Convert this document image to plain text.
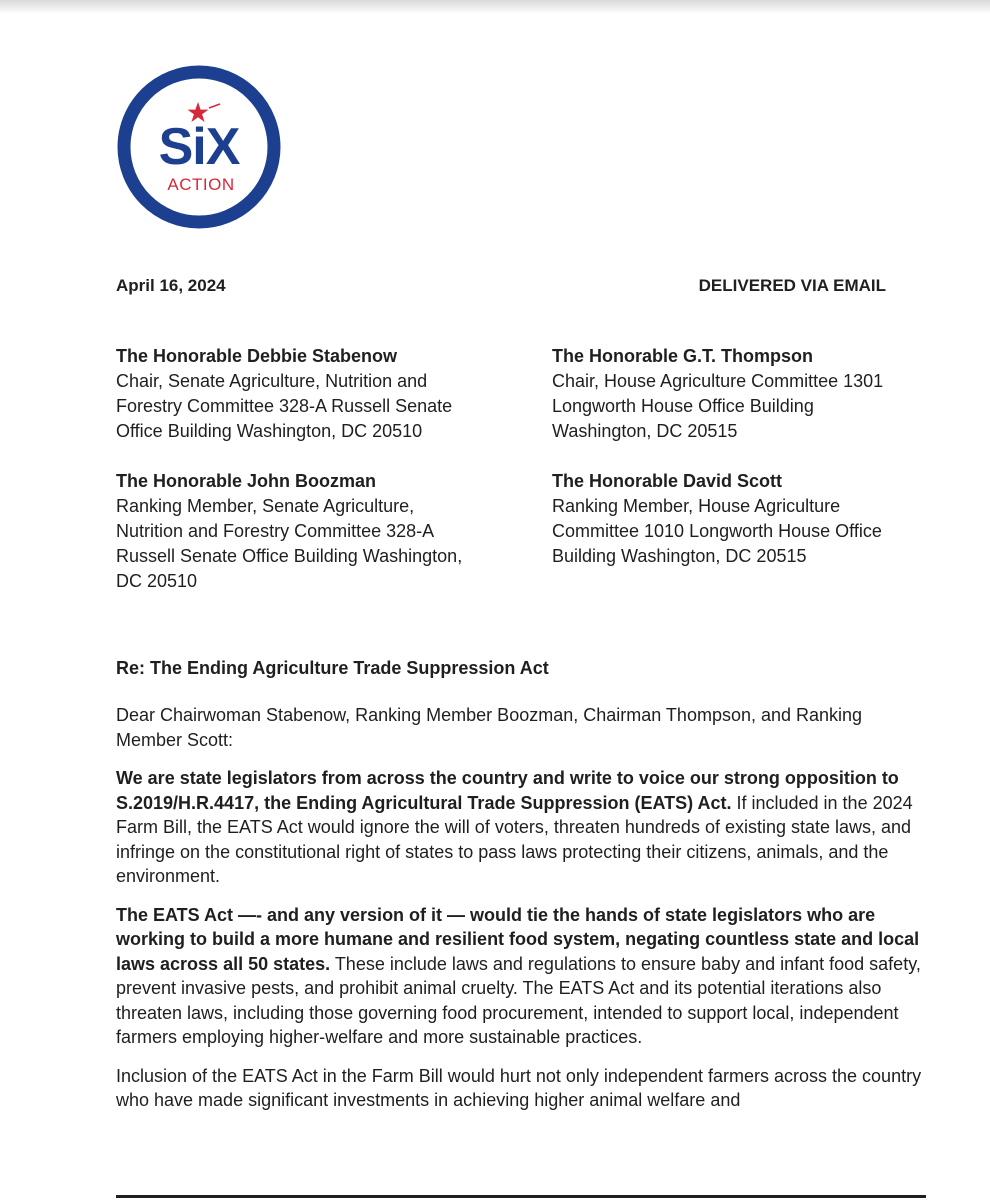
SiX
ACTION
April 16, 2024	DELIVERED VIA EMAIL
The Honorable Debbie Stabenow
Chair, Senate Agriculture, Nutrition and
Forestry Committee 328-A Russell Senate
Office Building Washington, DC 20510
The Honorable G.T. Thompson
Chair, House Agriculture Committee 1301
Longworth House Office Building
Washington, DC 20515
The Honorable John Boozman
Ranking Member, Senate Agriculture,
Nutrition and Forestry Committee 328-A
Russell Senate Office Building Washington,
DC 20510
The Honorable David Scott
Ranking Member, House Agriculture
Committee 1010 Longworth House Office
Building Washington, DC 20515
Re: The Ending Agriculture Trade Suppression Act

Dear Chairwoman Stabenow, Ranking Member Boozman, Chairman Thompson, and Ranking Member Scott:

We are state legislators from across the country and write to voice our strong opposition to S.2019/H.R.4417, the Ending Agricultural Trade Suppression (EATS) Act. If included in the 2024 Farm Bill, the EATS Act would ignore the will of voters, threaten hundreds of existing state laws, and infringe on the constitutional right of states to pass laws protecting their citizens, animals, and the environment.

The EATS Act —- and any version of it — would tie the hands of state legislators who are working to build a more humane and resilient food system, negating countless state and local laws across all 50 states. These include laws and regulations to ensure baby and infant food safety, prevent invasive pests, and prohibit animal cruelty. The EATS Act and its potential iterations also threaten laws, including those governing food procurement, intended to support local, independent farmers employing higher-welfare and more sustainable practices.

Inclusion of the EATS Act in the Farm Bill would hurt not only independent farmers across the country who have made significant investments in achieving higher animal welfare and
